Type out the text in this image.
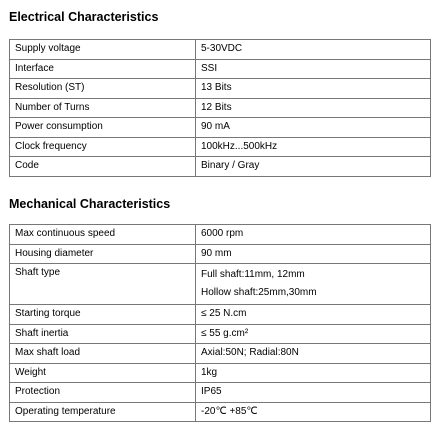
Electrical Characteristics
Supply voltage	5-30VDC
Interface	SSI
Resolution (ST)	13 Bits
Number of Turns	12 Bits
Power consumption	90 mA
Clock frequency	100kHz...500kHz
Code	Binary / Gray
Mechanical Characteristics
Max continuous speed	6000 rpm
Housing diameter	90 mm
Shaft type	Full shaft:11mm, 12mm
Hollow shaft:25mm,30mm

Starting torque	≤ 25 N.cm
Shaft inertia	≤ 55 g.cm²
Max shaft load	Axial:50N; Radial:80N
Weight	1kg
Protection	IP65
Operating temperature	-20℃ +85℃
